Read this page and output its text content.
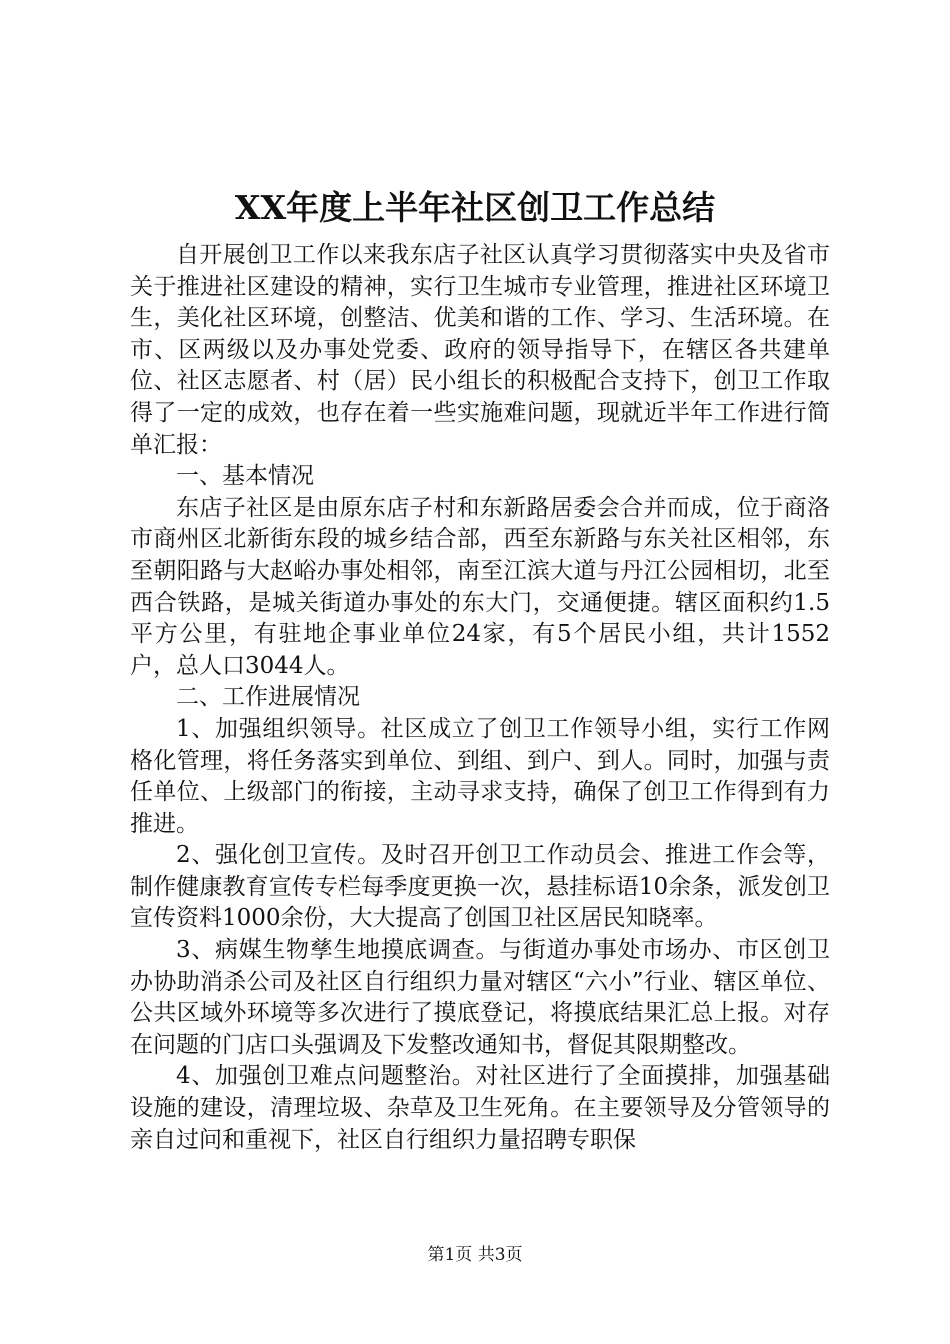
XX年度上半年社区创卫工作总结

自开展创卫工作以来我东店子社区认真学习贯彻落实中央及省市关于推进社区建设的精神，实行卫生城市专业管理，推进社区环境卫生，美化社区环境，创整洁、优美和谐的工作、学习、生活环境。在市、区两级以及办事处党委、政府的领导指导下，在辖区各共建单位、社区志愿者、村（居）民小组长的积极配合支持下，创卫工作取得了一定的成效，也存在着一些实施难问题，现就近半年工作进行简单汇报：

一、基本情况

东店子社区是由原东店子村和东新路居委会合并而成，位于商洛市商州区北新街东段的城乡结合部，西至东新路与东关社区相邻，东至朝阳路与大赵峪办事处相邻，南至江滨大道与丹江公园相切，北至西合铁路，是城关街道办事处的东大门，交通便捷。辖区面积约1.5平方公里，有驻地企事业单位24家，有5个居民小组，共计1552户，总人口3044人。

二、工作进展情况

1、加强组织领导。社区成立了创卫工作领导小组，实行工作网格化管理，将任务落实到单位、到组、到户、到人。同时，加强与责任单位、上级部门的衔接，主动寻求支持，确保了创卫工作得到有力推进。

2、强化创卫宣传。及时召开创卫工作动员会、推进工作会等，制作健康教育宣传专栏每季度更换一次，悬挂标语10余条，派发创卫宣传资料1000余份，大大提高了创国卫社区居民知晓率。

3、病媒生物孳生地摸底调查。与街道办事处市场办、市区创卫办协助消杀公司及社区自行组织力量对辖区“六小”行业、辖区单位、公共区域外环境等多次进行了摸底登记，将摸底结果汇总上报。对存在问题的门店口头强调及下发整改通知书，督促其限期整改。

4、加强创卫难点问题整治。对社区进行了全面摸排，加强基础设施的建设，清理垃圾、杂草及卫生死角。在主要领导及分管领导的亲自过问和重视下，社区自行组织力量招聘专职保

第1页 共3页
